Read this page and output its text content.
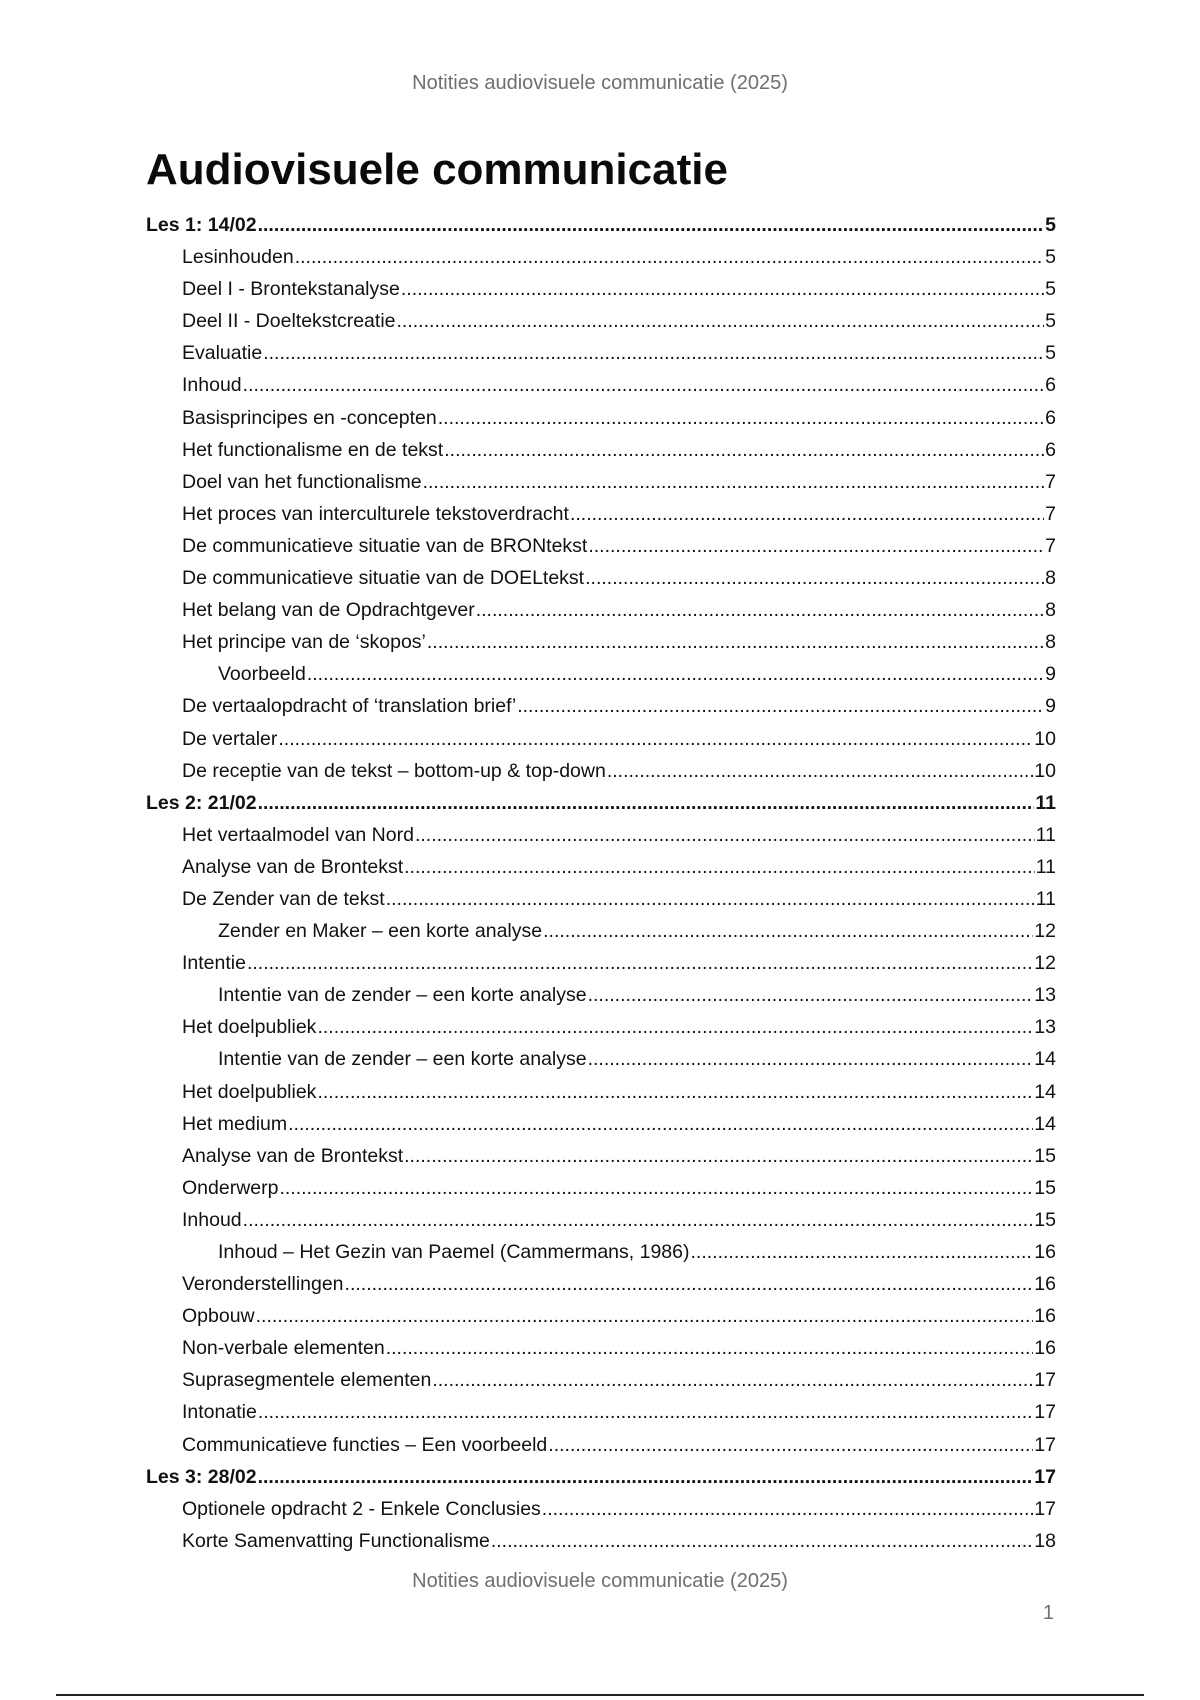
Notities audiovisuele communicatie (2025)
Audiovisuele communicatie
Les 1: 14/02 .....	5
Lesinhouden .....	5
Deel I - Brontekstanalyse .....	5
Deel II - Doeltekstcreatie .....	5
Evaluatie .....	5
Inhoud .....	6
Basisprincipes en -concepten .....	6
Het functionalisme en de tekst .....	6
Doel van het functionalisme .....	7
Het proces van interculturele tekstoverdracht .....	7
De communicatieve situatie van de BRONtekst .....	7
De communicatieve situatie van de DOELtekst .....	8
Het belang van de Opdrachtgever .....	8
Het principe van de ‘skopos’ .....	8
Voorbeeld .....	9
De vertaalopdracht of ‘translation brief’ .....	9
De vertaler .....	10
De receptie van de tekst – bottom-up & top-down .....	10
Les 2: 21/02 .....	11
Het vertaalmodel van Nord .....	11
Analyse van de Brontekst .....	11
De Zender van de tekst .....	11
Zender en Maker – een korte analyse .....	12
Intentie .....	12
Intentie van de zender – een korte analyse .....	13
Het doelpubliek .....	13
Intentie van de zender – een korte analyse .....	14
Het doelpubliek .....	14
Het medium .....	14
Analyse van de Brontekst .....	15
Onderwerp .....	15
Inhoud .....	15
Inhoud – Het Gezin van Paemel (Cammermans, 1986) .....	16
Veronderstellingen .....	16
Opbouw .....	16
Non-verbale elementen .....	16
Suprasegmentele elementen .....	17
Intonatie .....	17
Communicatieve functies – Een voorbeeld .....	17
Les 3: 28/02 .....	17
Optionele opdracht 2 - Enkele Conclusies .....	17
Korte Samenvatting Functionalisme .....	18
Notities audiovisuele communicatie (2025)
1
